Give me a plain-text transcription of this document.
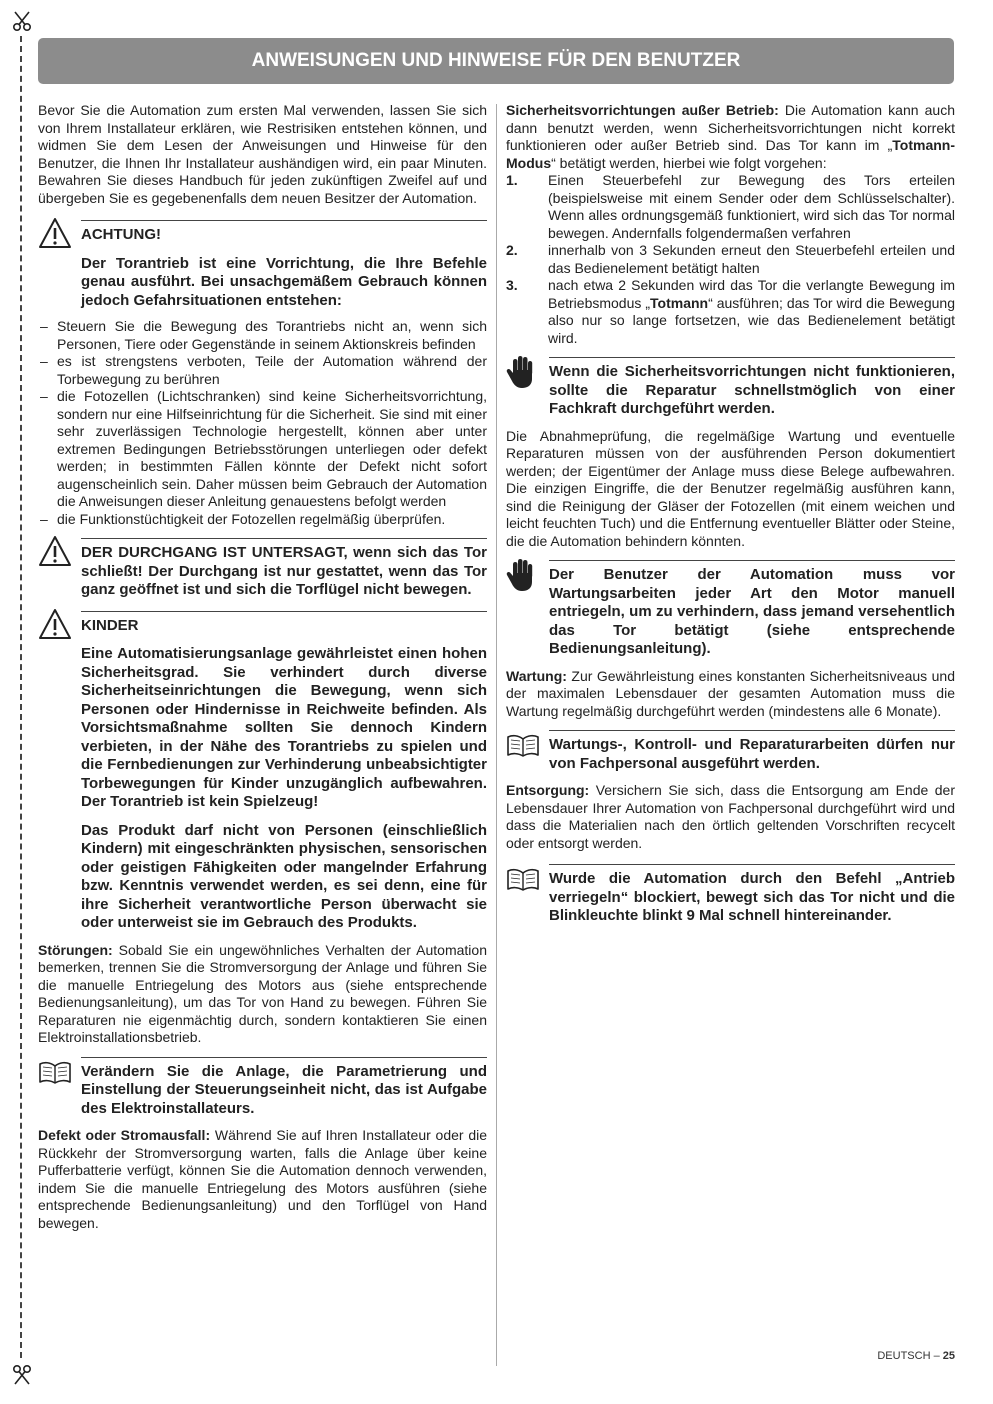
ANWEISUNGEN UND HINWEISE FÜR DEN BENUTZER

Bevor Sie die Automation zum ersten Mal verwenden, lassen Sie sich von Ihrem Installateur erklären, wie Restrisiken entstehen können, und widmen Sie dem Lesen der Anweisungen und Hinweise für den Benutzer, die Ihnen Ihr Installateur aushändigen wird, ein paar Minuten. Bewahren Sie dieses Handbuch für jeden zukünftigen Zweifel auf und übergeben Sie es gegebenenfalls dem neuen Besitzer der Automation.

ACHTUNG!
Der Torantrieb ist eine Vorrichtung, die Ihre Befehle genau ausführt. Bei unsachgemäßem Gebrauch können jedoch Gefahrsituationen entstehen:
– Steuern Sie die Bewegung des Torantriebs nicht an, wenn sich Personen, Tiere oder Gegenstände in seinem Aktionskreis befinden
– es ist strengstens verboten, Teile der Automation während der Torbewegung zu berühren
– die Fotozellen (Lichtschranken) sind keine Sicherheitsvorrichtung, sondern nur eine Hilfseinrichtung für die Sicherheit. Sie sind mit einer sehr zuverlässigen Technologie hergestellt, können aber unter extremen Bedingungen Betriebsstörungen unterliegen oder defekt werden; in bestimmten Fällen könnte der Defekt nicht sofort augenscheinlich sein. Daher müssen beim Gebrauch der Automation die Anweisungen dieser Anleitung genauestens befolgt werden
– die Funktionstüchtigkeit der Fotozellen regelmäßig überprüfen.
DER DURCHGANG IST UNTERSAGT, wenn sich das Tor schließt! Der Durchgang ist nur gestattet, wenn das Tor ganz geöffnet ist und sich die Torflügel nicht bewegen.
KINDER
Eine Automatisierungsanlage gewährleistet einen hohen Sicherheitsgrad. Sie verhindert durch diverse Sicherheitseinrichtungen die Bewegung, wenn sich Personen oder Hindernisse in Reichweite befinden. Als Vorsichtsmaßnahme sollten Sie dennoch Kindern verbieten, in der Nähe des Torantriebs zu spielen und die Fernbedienungen zur Verhinderung unbeabsichtigter Torbewegungen für Kinder unzugänglich aufbewahren. Der Torantrieb ist kein Spielzeug!
Das Produkt darf nicht von Personen (einschließlich Kindern) mit eingeschränkten physischen, sensorischen oder geistigen Fähigkeiten oder mangelnder Erfahrung bzw. Kenntnis verwendet werden, es sei denn, eine für ihre Sicherheit verantwortliche Person überwacht sie oder unterweist sie im Gebrauch des Produkts.

Störungen: Sobald Sie ein ungewöhnliches Verhalten der Automation bemerken, trennen Sie die Stromversorgung der Anlage und führen Sie die manuelle Entriegelung des Motors aus (siehe entsprechende Bedienungsanleitung), um das Tor von Hand zu bewegen. Führen Sie Reparaturen nie eigenmächtig durch, sondern kontaktieren Sie einen Elektroinstallationsbetrieb.

Verändern Sie die Anlage, die Parametrierung und Einstellung der Steuerungseinheit nicht, das ist Aufgabe des Elektroinstallateurs.

Defekt oder Stromausfall: Während Sie auf Ihren Installateur oder die Rückkehr der Stromversorgung warten, falls die Anlage über keine Pufferbatterie verfügt, können Sie die Automation dennoch verwenden, indem Sie die manuelle Entriegelung des Motors ausführen (siehe entsprechende Bedienungsanleitung) und den Torflügel von Hand bewegen.

Sicherheitsvorrichtungen außer Betrieb: Die Automation kann auch dann benutzt werden, wenn Sicherheitsvorrichtungen nicht korrekt funktionieren oder außer Betrieb sind. Das Tor kann im „Totmann-Modus“ betätigt werden, hierbei wie folgt vorgehen:

1. Einen Steuerbefehl zur Bewegung des Tors erteilen (beispielsweise mit einem Sender oder dem Schlüsselschalter). Wenn alles ordnungsgemäß funktioniert, wird sich das Tor normal bewegen. Andernfalls folgendermaßen verfahren
2. innerhalb von 3 Sekunden erneut den Steuerbefehl erteilen und das Bedienelement betätigt halten
3. nach etwa 2 Sekunden wird das Tor die verlangte Bewegung im Betriebsmodus „Totmann“ ausführen; das Tor wird die Bewegung also nur so lange fortsetzen, wie das Bedienelement betätigt wird.
Wenn die Sicherheitsvorrichtungen nicht funktionieren, sollte die Reparatur schnellstmöglich von einer Fachkraft durchgeführt werden.

Die Abnahmeprüfung, die regelmäßige Wartung und eventuelle Reparaturen müssen von der ausführenden Person dokumentiert werden; der Eigentümer der Anlage muss diese Belege aufbewahren. Die einzigen Eingriffe, die der Benutzer regelmäßig ausführen kann, sind die Reinigung der Gläser der Fotozellen (mit einem weichen und leicht feuchten Tuch) und die Entfernung eventueller Blätter oder Steine, die die Automation behindern könnten.

Der Benutzer der Automation muss vor Wartungsarbeiten jeder Art den Motor manuell entriegeln, um zu verhindern, dass jemand versehentlich das Tor betätigt (siehe entsprechende Bedienungsanleitung).

Wartung: Zur Gewährleistung eines konstanten Sicherheitsniveaus und der maximalen Lebensdauer der gesamten Automation muss die Wartung regelmäßig durchgeführt werden (mindestens alle 6 Monate).

Wartungs-, Kontroll- und Reparaturarbeiten dürfen nur von Fachpersonal ausgeführt werden.

Entsorgung: Versichern Sie sich, dass die Entsorgung am Ende der Lebensdauer Ihrer Automation von Fachpersonal durchgeführt wird und dass die Materialien nach den örtlich geltenden Vorschriften recycelt oder entsorgt werden.

Wurde die Automation durch den Befehl „Antrieb verriegeln“ blockiert, bewegt sich das Tor nicht und die Blinkleuchte blinkt 9 Mal schnell hintereinander.
DEUTSCH – 25
